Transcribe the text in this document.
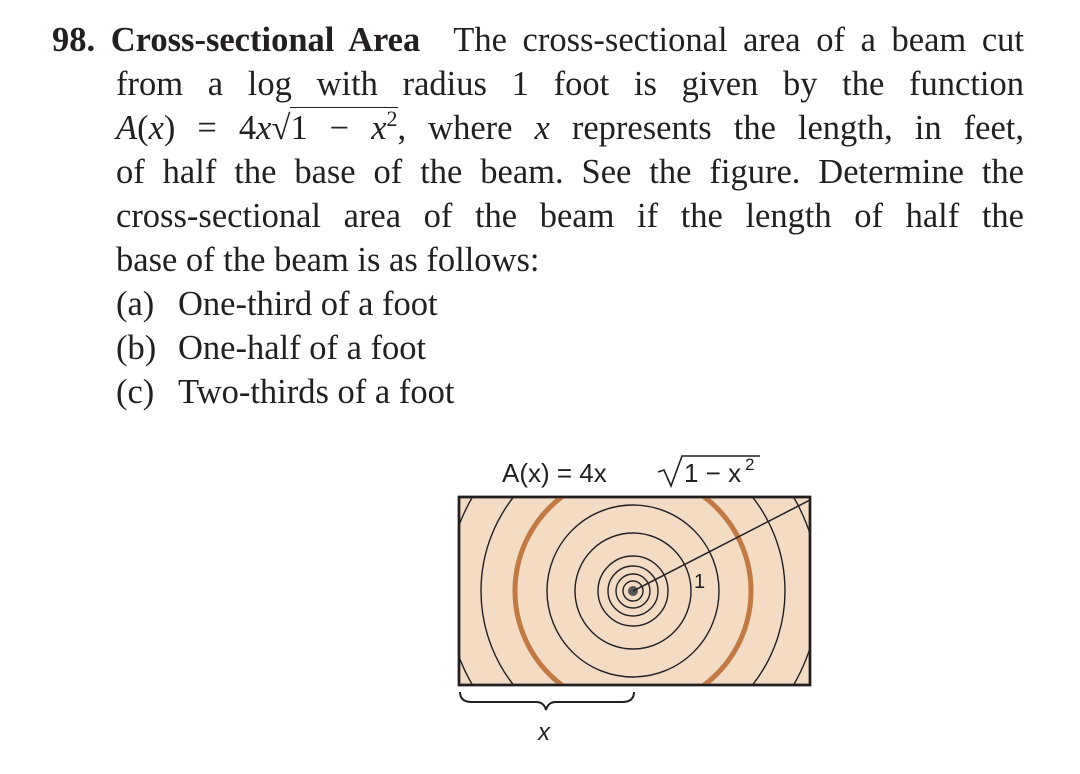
98. Cross-sectional Area The cross-sectional area of a beam cut
from a log with radius 1 foot is given by the function
$A(x) = 4x√1 - x^2$, where x represents the length, in feet,
of half the base of the beam. See the figure. Determine the
cross-sectional area of the beam if the length of half the
base of the beam is as follows:
(a) One-third of a foot
(b) One-half of a foot
(c) Two-thirds of a foot
A(x) = 4x	1 − x 2
1
x
